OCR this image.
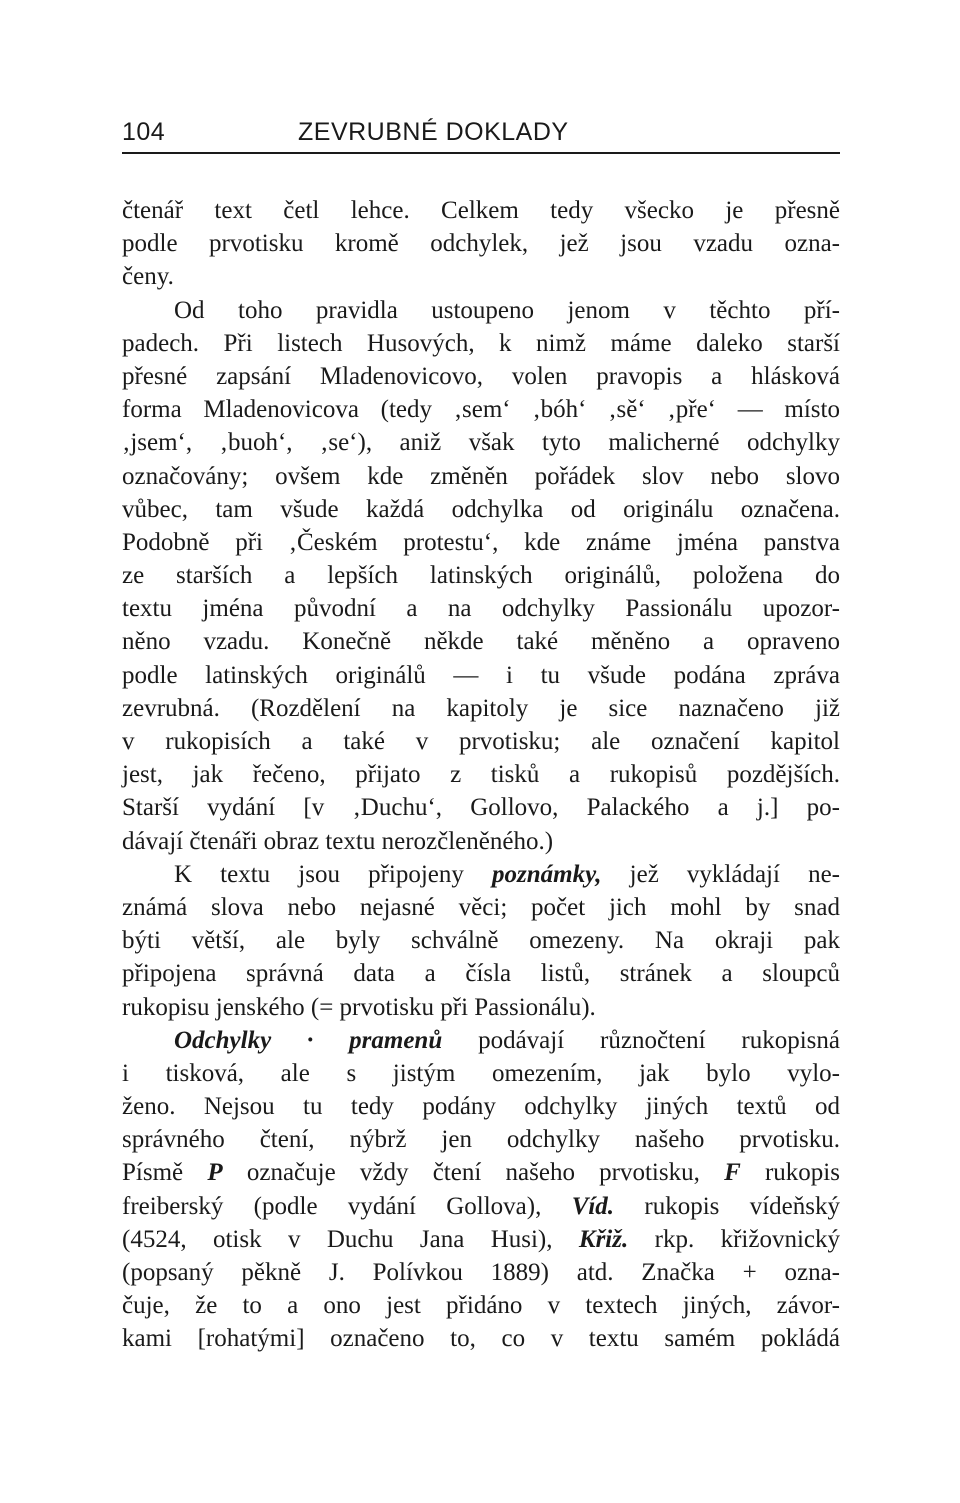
104	ZEVRUBNÉ DOKLADY
čtenář text četl lehce. Celkem tedy všecko je přesně
podle prvotisku kromě odchylek, jež jsou vzadu ozna-
čeny.
Od toho pravidla ustoupeno jenom v těchto pří-
padech. Při listech Husových, k nimž máme daleko starší
přesné zapsání Mladenovicovo, volen pravopis a hlásková
forma Mladenovicova (tedy ‚sem‘ ‚bóh‘ ‚sě‘ ‚pře‘ — místo
‚jsem‘, ‚buoh‘, ‚se‘), aniž však tyto malicherné odchylky
označovány; ovšem kde změněn pořádek slov nebo slovo
vůbec, tam všude každá odchylka od originálu označena.
Podobně při ‚Českém protestu‘, kde známe jména panstva
ze starších a lepších latinských originálů, položena do
textu jména původní a na odchylky Passionálu upozor-
něno vzadu. Konečně někde také měněno a opraveno
podle latinských originálů — i tu všude podána zpráva
zevrubná. (Rozdělení na kapitoly je sice naznačeno již
v rukopisích a také v prvotisku; ale označení kapitol
jest, jak řečeno, přijato z tisků a rukopisů pozdějších.
Starší vydání [v ‚Duchu‘, Gollovo, Palackého a j.] po-
dávají čtenáři obraz textu nerozčleněného.)
K textu jsou připojeny poznámky, jež vykládají ne-
známá slova nebo nejasné věci; počet jich mohl by snad
býti větší, ale byly schválně omezeny. Na okraji pak
připojena správná data a čísla listů, stránek a sloupců
rukopisu jenského (= prvotisku při Passionálu).
Odchylky · pramenů podávají různočtení rukopisná
i tisková, ale s jistým omezením, jak bylo vylo-
ženo. Nejsou tu tedy podány odchylky jiných textů od
správného čtení, nýbrž jen odchylky našeho prvotisku.
Písmě P označuje vždy čtení našeho prvotisku, F rukopis
freiberský (podle vydání Gollova), Víd. rukopis vídeňský
(4524, otisk v Duchu Jana Husi), Křiž. rkp. křižovnický
(popsaný pěkně J. Polívkou 1889) atd. Značka + ozna-
čuje, že to a ono jest přidáno v textech jiných, závor-
kami [rohatými] označeno to, co v textu samém pokládá
